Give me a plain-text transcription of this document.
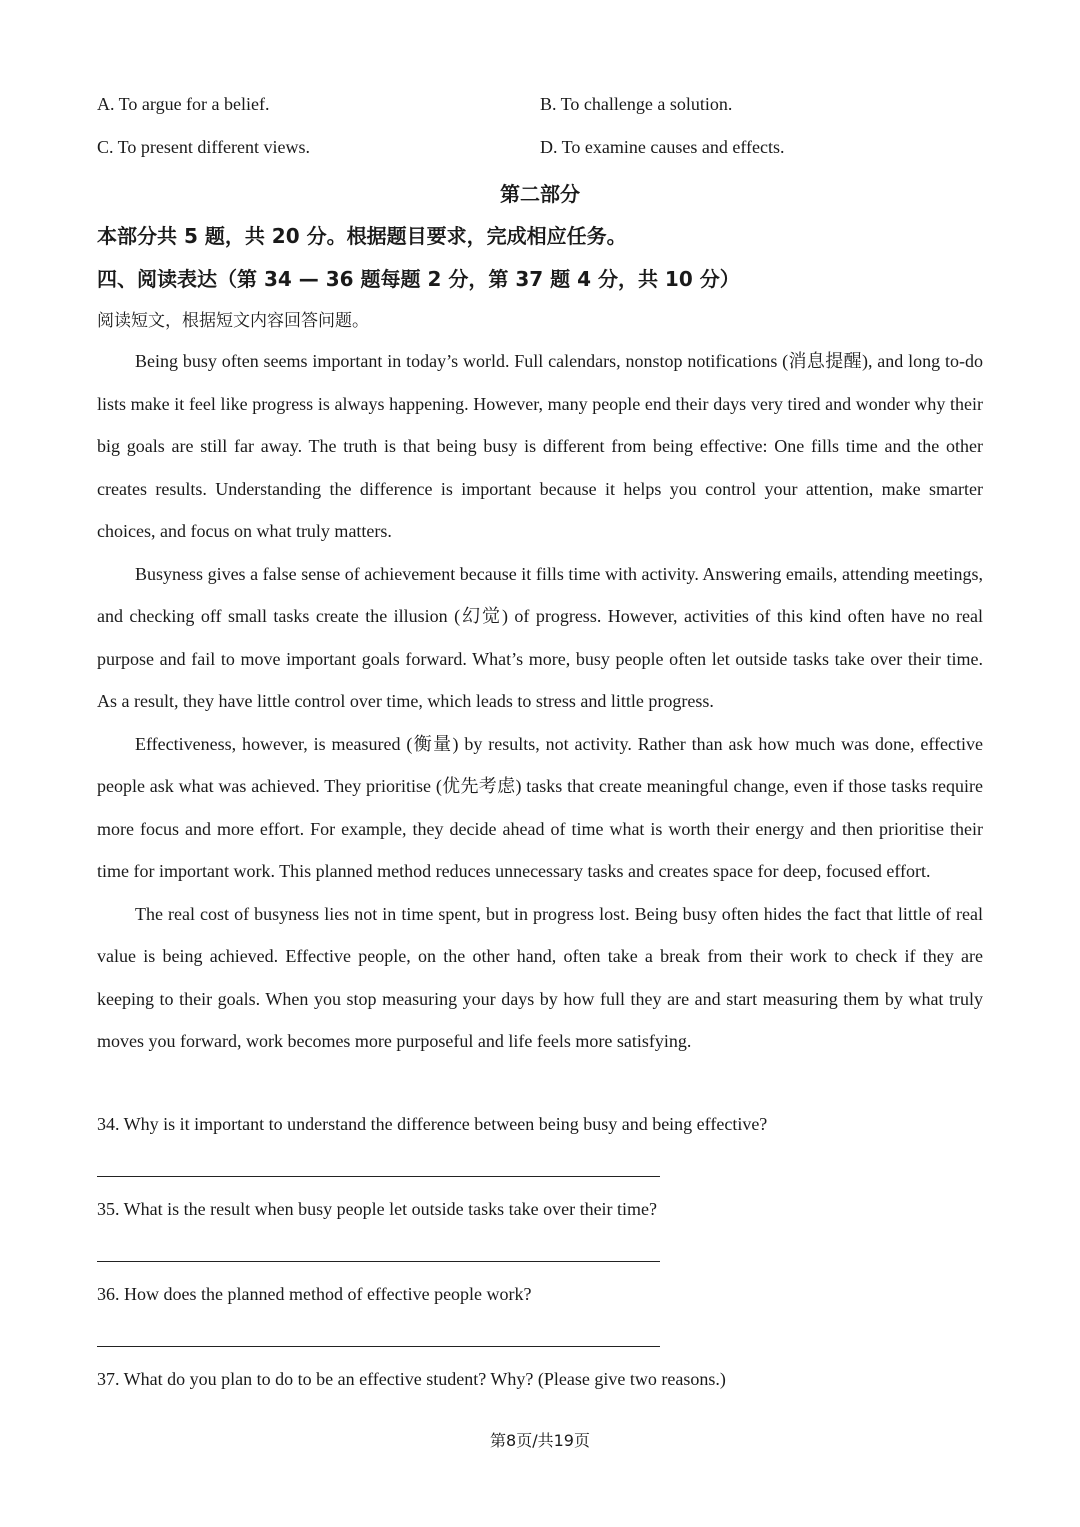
A. To argue for a belief.	B. To challenge a solution.
C. To present different views.	D. To examine causes and effects.
第二部分
本部分共 5 题，共 20 分。根据题目要求，完成相应任务。
四、阅读表达（第 34 — 36 题每题 2 分，第 37 题 4 分，共 10 分）
阅读短文，根据短文内容回答问题。

Being busy often seems important in today’s world. Full calendars, nonstop notifications (消息提醒), and long to-do lists make it feel like progress is always happening. However, many people end their days very tired and wonder why their big goals are still far away. The truth is that being busy is different from being effective: One fills time and the other creates results. Understanding the difference is important because it helps you control your attention, make smarter choices, and focus on what truly matters.

Busyness gives a false sense of achievement because it fills time with activity. Answering emails, attending meetings, and checking off small tasks create the illusion (幻觉) of progress. However, activities of this kind often have no real purpose and fail to move important goals forward. What’s more, busy people often let outside tasks take over their time. As a result, they have little control over time, which leads to stress and little progress.

Effectiveness, however, is measured (衡量) by results, not activity. Rather than ask how much was done, effective people ask what was achieved. They prioritise (优先考虑) tasks that create meaningful change, even if those tasks require more focus and more effort. For example, they decide ahead of time what is worth their energy and then prioritise their time for important work. This planned method reduces unnecessary tasks and creates space for deep, focused effort.

The real cost of busyness lies not in time spent, but in progress lost. Being busy often hides the fact that little of real value is being achieved. Effective people, on the other hand, often take a break from their work to check if they are keeping to their goals. When you stop measuring your days by how full they are and start measuring them by what truly moves you forward, work becomes more purposeful and life feels more satisfying.

34. Why is it important to understand the difference between being busy and being effective?
35. What is the result when busy people let outside tasks take over their time?
36. How does the planned method of effective people work?
37. What do you plan to do to be an effective student? Why? (Please give two reasons.)
第8页/共19页
